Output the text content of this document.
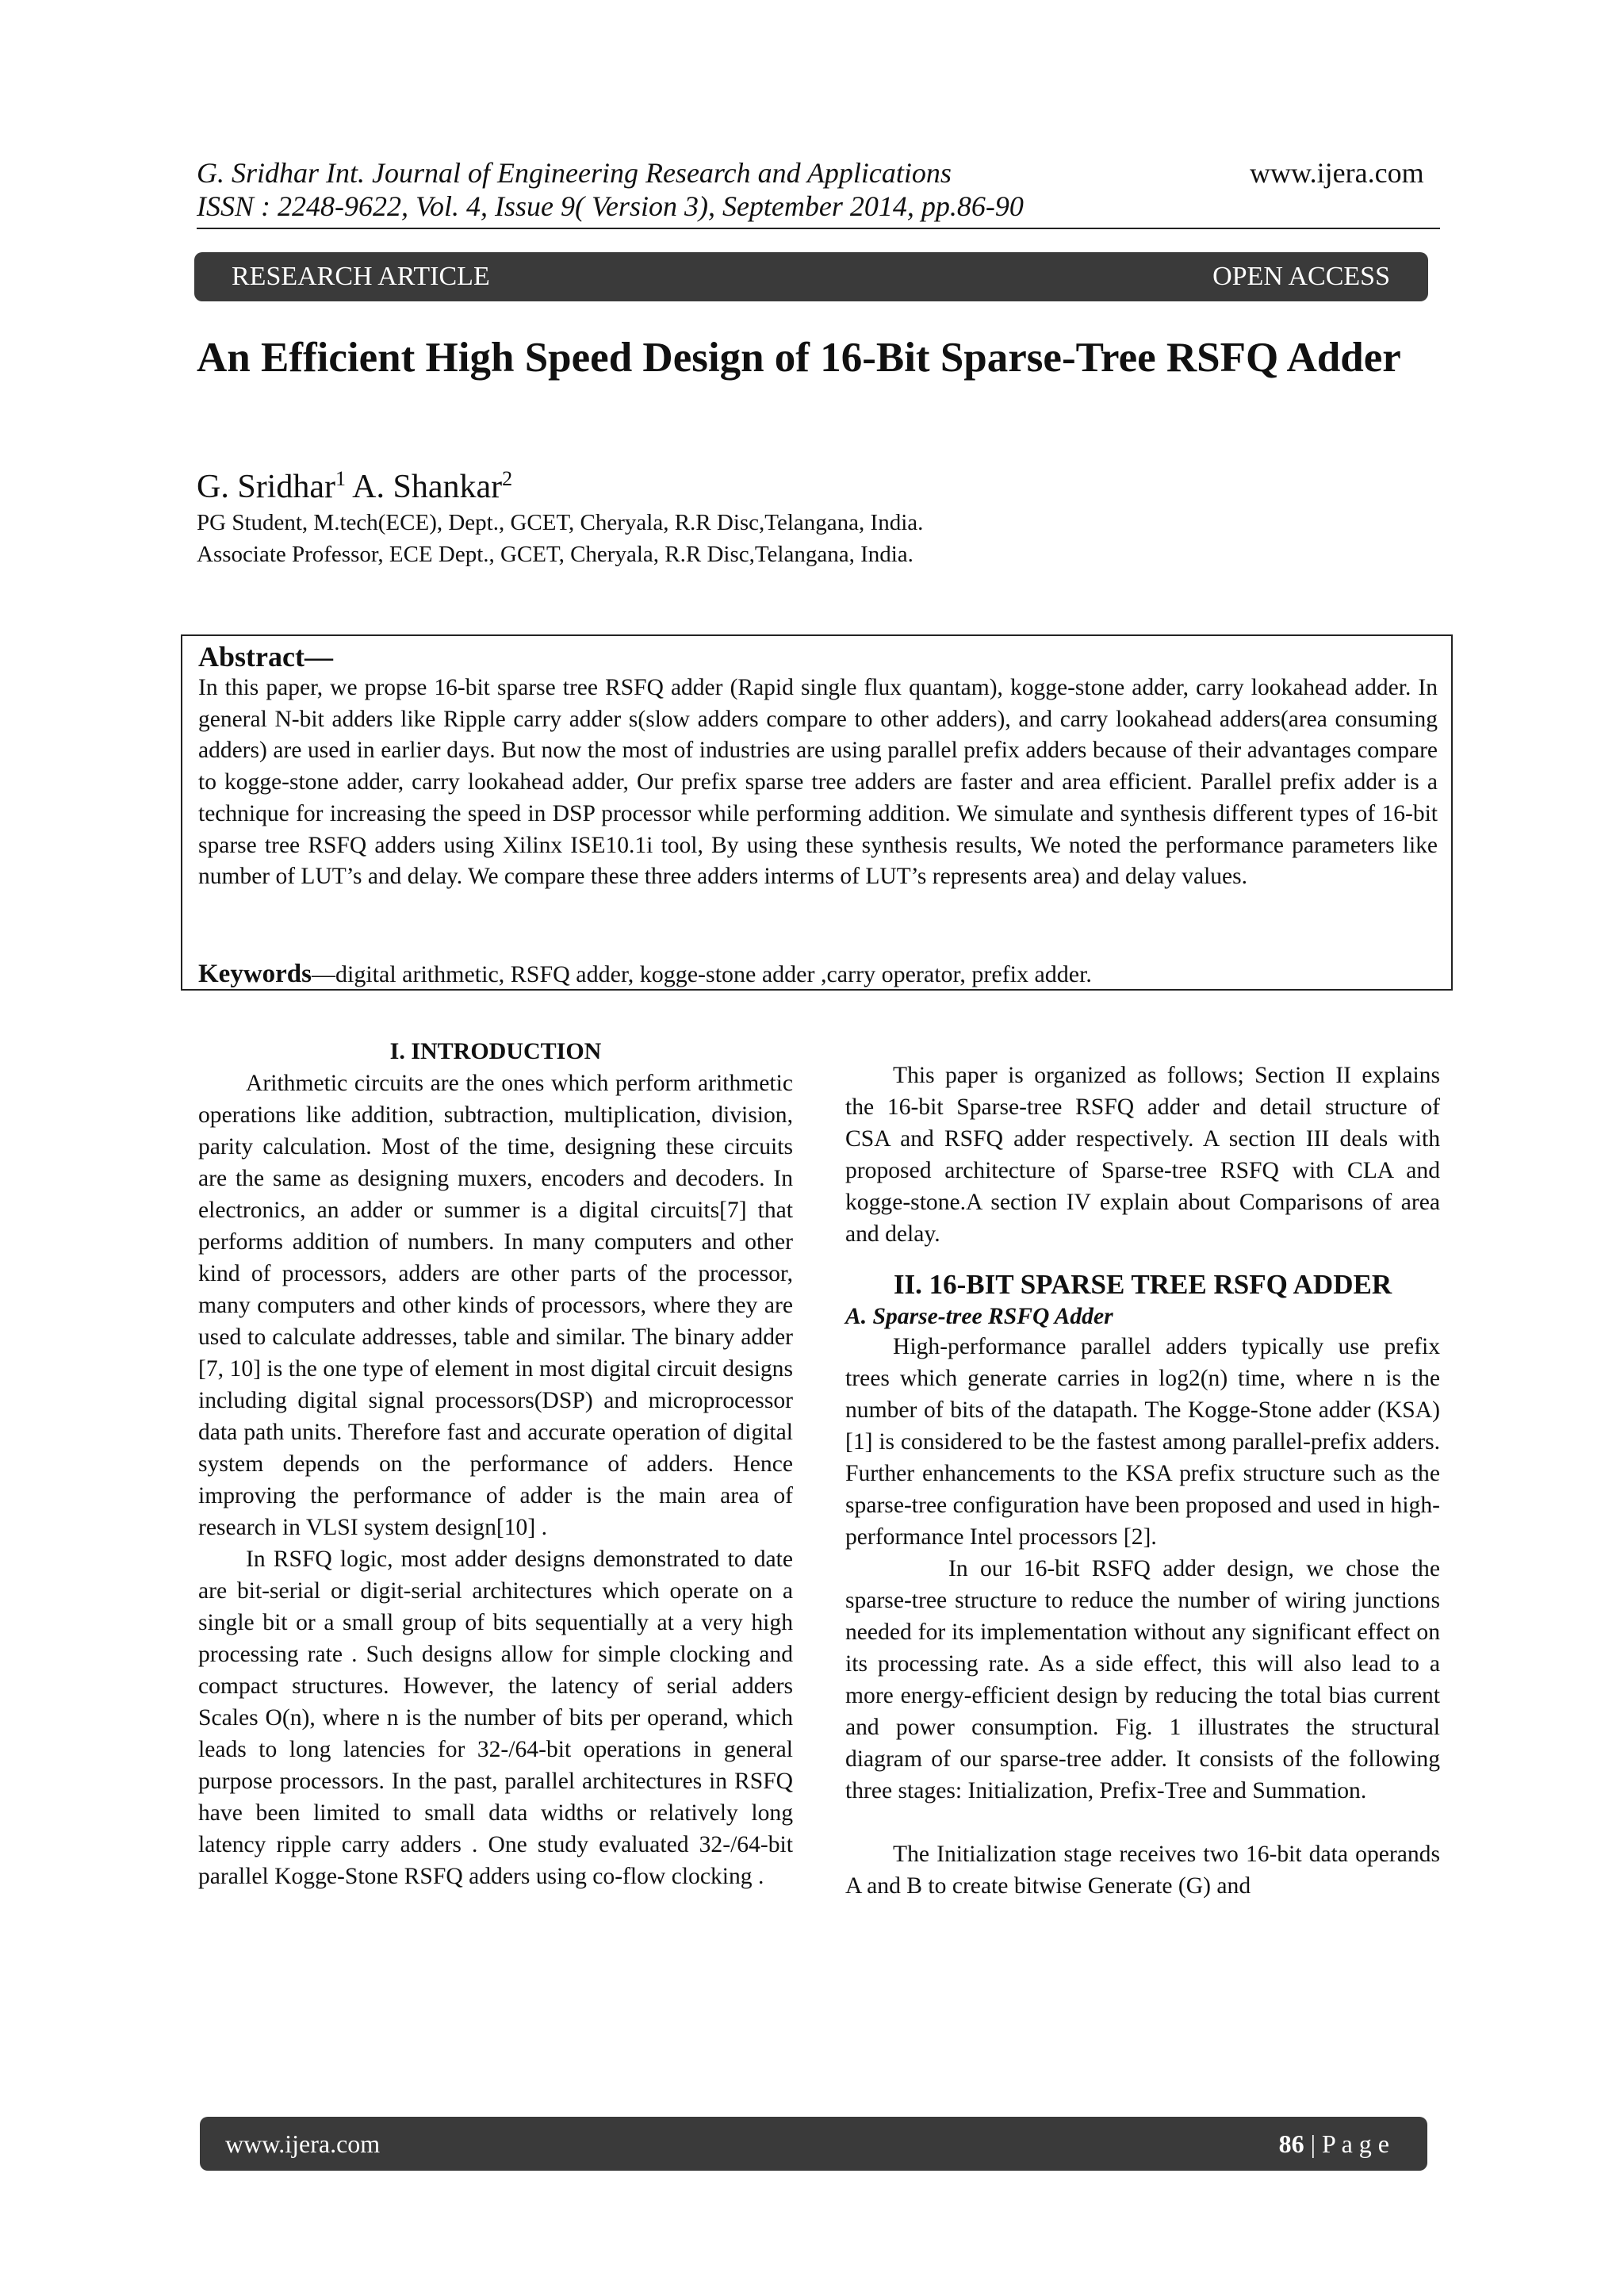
G. Sridhar Int. Journal of Engineering Research and Applications
ISSN : 2248-9622, Vol. 4, Issue 9( Version 3), September 2014, pp.86-90
www.ijera.com
RESEARCH ARTICLE	OPEN ACCESS
An Efficient High Speed Design of 16-Bit Sparse-Tree RSFQ Adder
G. Sridhar$^1$ A. Shankar$^2$
PG Student, M.tech(ECE), Dept., GCET, Cheryala, R.R Disc,Telangana, India.
Associate Professor, ECE Dept., GCET, Cheryala, R.R Disc,Telangana, India.
Abstract—
In this paper, we propse 16-bit sparse tree RSFQ adder (Rapid single flux quantam), kogge-stone adder, carry lookahead adder. In general N-bit adders like Ripple carry adder s(slow adders compare to other adders), and carry lookahead adders(area consuming adders) are used in earlier days. But now the most of industries are using parallel prefix adders because of their advantages compare to kogge-stone adder, carry lookahead adder, Our prefix sparse tree adders are faster and area efficient. Parallel prefix adder is a technique for increasing the speed in DSP processor while performing addition. We simulate and synthesis different types of 16-bit sparse tree RSFQ adders using Xilinx ISE10.1i tool, By using these synthesis results, We noted the performance parameters like number of LUT’s and delay. We compare these three adders interms of LUT’s represents area) and delay values.
Keywords—digital arithmetic, RSFQ adder, kogge-stone adder ,carry operator, prefix adder.

I. INTRODUCTION

Arithmetic circuits are the ones which perform arithmetic operations like addition, subtraction, multiplication, division, parity calculation. Most of the time, designing these circuits are the same as designing muxers, encoders and decoders. In electronics, an adder or summer is a digital circuits[7] that performs addition of numbers. In many computers and other kind of processors, adders are other parts of the processor, many computers and other kinds of processors, where they are used to calculate addresses, table and similar. The binary adder [7, 10] is the one type of element in most digital circuit designs including digital signal processors(DSP) and microprocessor data path units. Therefore fast and accurate operation of digital system depends on the performance of adders. Hence improving the performance of adder is the main area of research in VLSI system design[10] .

In RSFQ logic, most adder designs demonstrated to date are bit-serial or digit-serial architectures which operate on a single bit or a small group of bits sequentially at a very high processing rate . Such designs allow for simple clocking and compact structures. However, the latency of serial adders Scales O(n), where n is the number of bits per operand, which leads to long latencies for 32-/64-bit operations in general purpose processors. In the past, parallel architectures in RSFQ have been limited to small data widths or relatively long latency ripple carry adders . One study evaluated 32-/64-bit parallel Kogge-Stone RSFQ adders using co-flow clocking .

This paper is organized as follows; Section II explains                          the 16-bit Sparse-tree RSFQ adder and detail structure of                        CSA and RSFQ adder respectively. A section III deals with proposed architecture of Sparse-tree RSFQ with CLA and kogge-stone.A section IV explain about Comparisons of area and delay.

II. 16-BIT SPARSE TREE RSFQ ADDER

A. Sparse-tree RSFQ Adder

High-performance parallel adders typically use prefix trees which generate carries in log2(n) time, where n is the number of bits of the datapath. The Kogge-Stone adder (KSA) [1] is considered to be the fastest among parallel-prefix adders. Further enhancements to the KSA prefix structure such as the sparse-tree configuration have been proposed and used in high-performance Intel processors [2].

In our 16-bit RSFQ adder design, we chose the sparse-tree structure to reduce the number of wiring junctions needed for its implementation without any significant effect on its processing rate. As a side effect, this will also lead to a more energy-efficient design by reducing the total bias current and power consumption. Fig. 1 illustrates the structural diagram of our sparse-tree adder. It consists of the following three stages: Initialization, Prefix-Tree and Summation.

The Initialization stage receives two 16-bit data operands A and B to create bitwise Generate (G) and

www.ijera.com	86 | P a g e
